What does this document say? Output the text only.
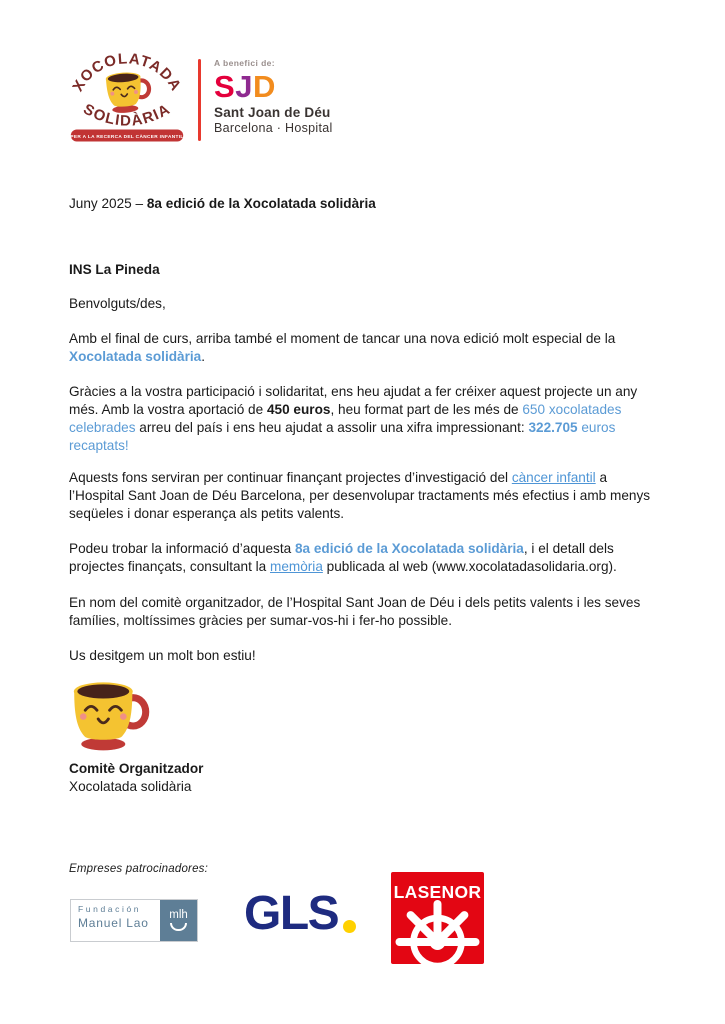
XOCOLATADA
SOLIDÀRIA
• PER A LA RECERCA DEL CÀNCER INFANTIL •
A benefici de:
SJD
Sant Joan de Déu
Barcelona · Hospital

Juny 2025 – 8a edició de la Xocolatada solidària

INS La Pineda

Benvolguts/des,

Amb el final de curs, arriba també el moment de tancar una nova edició molt especial de la Xocolatada solidària.

Gràcies a la vostra participació i solidaritat, ens heu ajudat a fer créixer aquest projecte un any més. Amb la vostra aportació de 450 euros, heu format part de les més de 650 xocolatades celebrades arreu del país i ens heu ajudat a assolir una xifra impressionant: 322.705 euros recaptats!

Aquests fons serviran per continuar finançant projectes d’investigació del càncer infantil a l’Hospital Sant Joan de Déu Barcelona, per desenvolupar tractaments més efectius i amb menys seqüeles i donar esperança als petits valents.

Podeu trobar la informació d’aquesta 8a edició de la Xocolatada solidària, i el detall dels projectes finançats, consultant la memòria publicada al web (www.xocolatadasolidaria.org).

En nom del comitè organitzador, de l’Hospital Sant Joan de Déu i dels petits valents i les seves famílies, moltíssimes gràcies per sumar-vos-hi i fer-ho possible.

Us desitgem un molt bon estiu!

Comitè Organitzador

Xocolatada solidària

Empreses patrocinadores:

Fundación
Manuel Lao
mlh GLS	LASENOR
